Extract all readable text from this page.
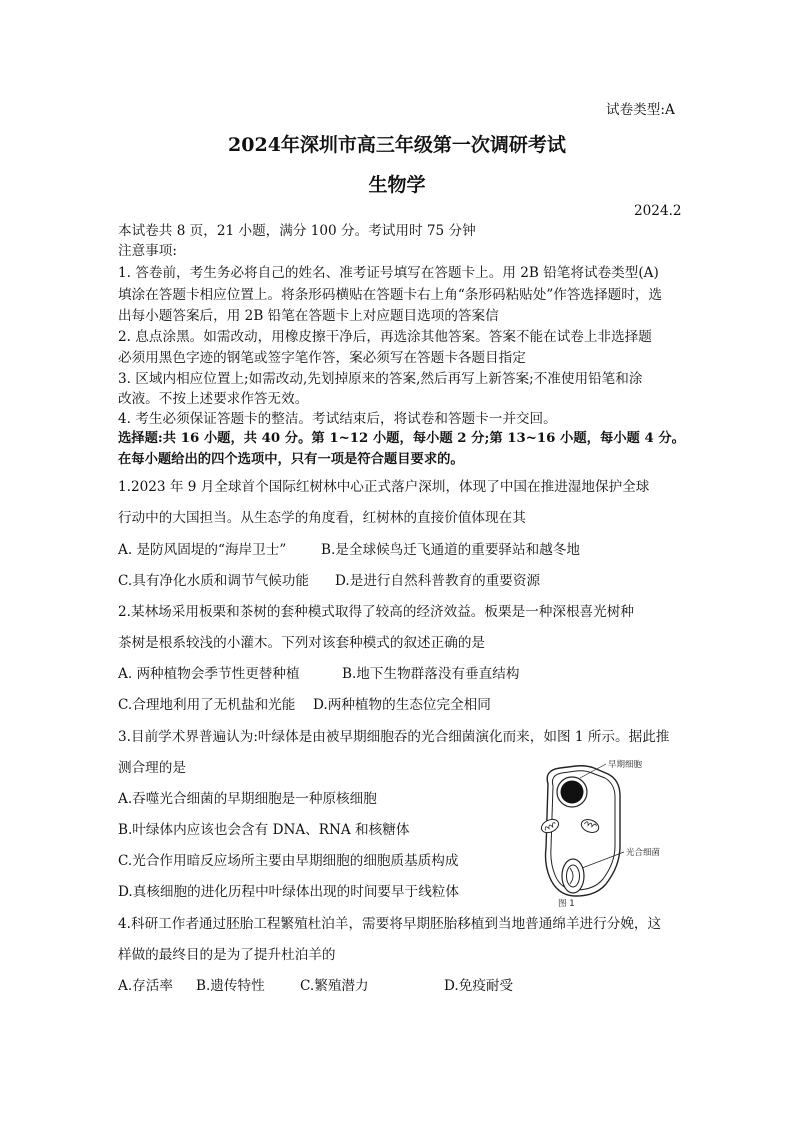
试卷类型:A
2024年深圳市高三年级第一次调研考试
生物学
2024.2
本试卷共 8 页，21 小题，满分 100 分。考试用时 75 分钟
注意事项:
1. 答卷前，考生务必将自己的姓名、准考证号填写在答题卡上。用 2B 铅笔将试卷类型(A)
填涂在答题卡相应位置上。将条形码横贴在答题卡右上角“条形码粘贴处”作答选择题时，选
出每小题答案后，用 2B 铅笔在答题卡上对应题目选项的答案信
2. 息点涂黑。如需改动，用橡皮擦干净后，再选涂其他答案。答案不能在试卷上非选择题
必须用黑色字迹的钢笔或签字笔作答，案必须写在答题卡各题目指定
3. 区域内相应位置上;如需改动,先划掉原来的答案,然后再写上新答案;不准使用铅笔和涂
改液。不按上述要求作答无效。
4. 考生必须保证答题卡的整洁。考试结束后，将试卷和答题卡一并交回。
选择题:共 16 小题，共 40 分。第 1~12 小题，每小题 2 分;第 13~16 小题，每小题 4 分。
在每小题给出的四个选项中，只有一项是符合题目要求的。
1.2023 年 9 月全球首个国际红树林中心正式落户深圳，体现了中国在推进湿地保护全球
行动中的大国担当。从生态学的角度看，红树林的直接价值体现在其
A. 是防风固堤的“海岸卫士”	B.是全球候鸟迁飞通道的重要驿站和越冬地
C.具有净化水质和调节气候功能 D.是进行自然科普教育的重要资源
2.某林场采用板栗和茶树的套种模式取得了较高的经济效益。板栗是一种深根喜光树种
茶树是根系较浅的小灌木。下列对该套种模式的叙述正确的是
A. 两种植物会季节性更替种植	B.地下生物群落没有垂直结构
C.合理地利用了无机盐和光能 D.两种植物的生态位完全相同
3.目前学术界普遍认为:叶绿体是由被早期细胞吞的光合细菌演化而来，如图 1 所示。据此推
测合理的是
A.吞噬光合细菌的早期细胞是一种原核细胞
B.叶绿体内应该也会含有 DNA、RNA 和核糖体
C.光合作用暗反应场所主要由早期细胞的细胞质基质构成
D.真核细胞的进化历程中叶绿体出现的时间要早于线粒体
早期细胞
光合细菌
图 1
4.科研工作者通过胚胎工程繁殖杜泊羊，需要将早期胚胎移植到当地普通绵羊进行分娩，这
样做的最终目的是为了提升杜泊羊的
A.存活率 B.遗传特性	C.繁殖潜力	D.免疫耐受
